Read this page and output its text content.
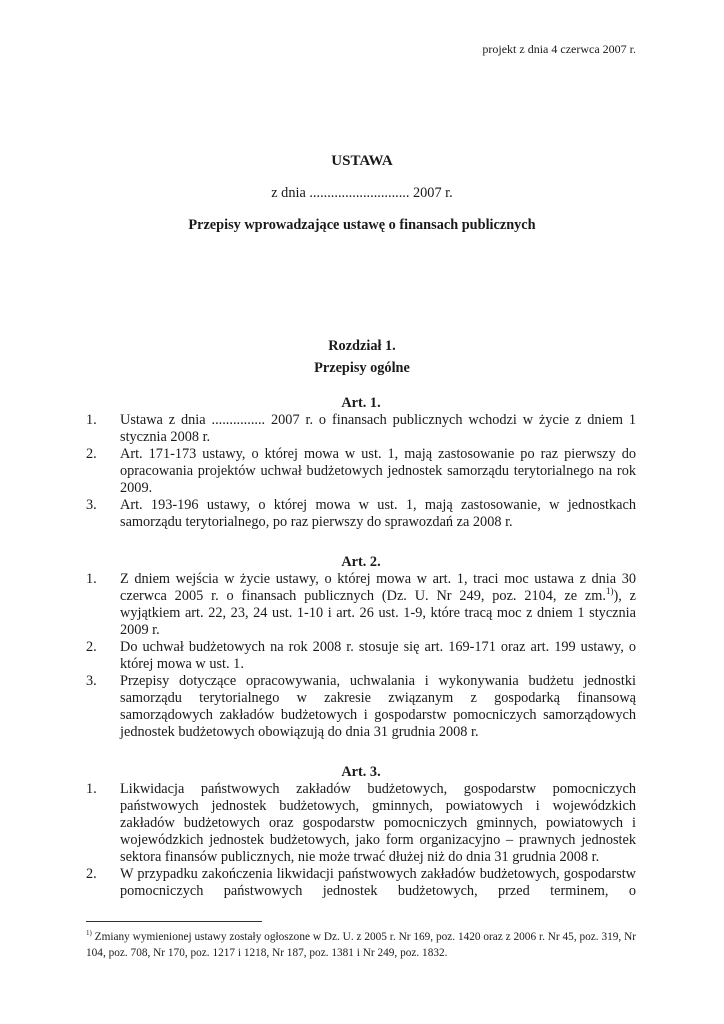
projekt z dnia 4 czerwca 2007 r.
USTAWA
z dnia ............................ 2007 r.
Przepisy wprowadzające ustawę o finansach publicznych
Rozdział 1.
Przepisy ogólne
Art. 1.
1.	Ustawa z dnia ............... 2007 r. o finansach publicznych wchodzi w życie z dniem 1 stycznia 2008 r.
2.	Art. 171-173 ustawy, o której mowa w ust. 1, mają zastosowanie po raz pierwszy do opracowania projektów uchwał budżetowych jednostek samorządu terytorialnego na rok 2009.
3.	Art. 193-196 ustawy, o której mowa w ust. 1, mają zastosowanie, w jednostkach samorządu terytorialnego, po raz pierwszy do sprawozdań za 2008 r.
Art. 2.
1.	Z dniem wejścia w życie ustawy, o której mowa w art. 1, traci moc ustawa z dnia 30 czerwca 2005 r. o finansach publicznych (Dz. U. Nr 249, poz. 2104, ze zm.$^{1)}$), z wyjątkiem art. 22, 23, 24 ust. 1-10 i art. 26 ust. 1-9, które tracą moc z dniem 1 stycznia 2009 r.
2.	Do uchwał budżetowych na rok 2008 r. stosuje się art. 169-171 oraz art. 199 ustawy, o której mowa w ust. 1.
3.	Przepisy dotyczące opracowywania, uchwalania i wykonywania budżetu jednostki samorządu terytorialnego w zakresie związanym z gospodarką finansową samorządowych zakładów budżetowych i gospodarstw pomocniczych samorządowych jednostek budżetowych obowiązują do dnia 31 grudnia 2008 r.
Art. 3.
1.	Likwidacja państwowych zakładów budżetowych, gospodarstw pomocniczych państwowych jednostek budżetowych, gminnych, powiatowych i wojewódzkich zakładów budżetowych oraz gospodarstw pomocniczych gminnych, powiatowych i wojewódzkich jednostek budżetowych, jako form organizacyjno – prawnych jednostek sektora finansów publicznych, nie może trwać dłużej niż do dnia 31 grudnia 2008 r.
2.	W przypadku zakończenia likwidacji państwowych zakładów budżetowych, gospodarstw pomocniczych państwowych jednostek budżetowych, przed terminem, o
$^{1)}$ Zmiany wymienionej ustawy zostały ogłoszone w Dz. U. z 2005 r. Nr 169, poz. 1420 oraz z 2006 r. Nr 45, poz. 319, Nr 104, poz. 708, Nr 170, poz. 1217 i 1218, Nr 187, poz. 1381 i Nr 249, poz. 1832.
